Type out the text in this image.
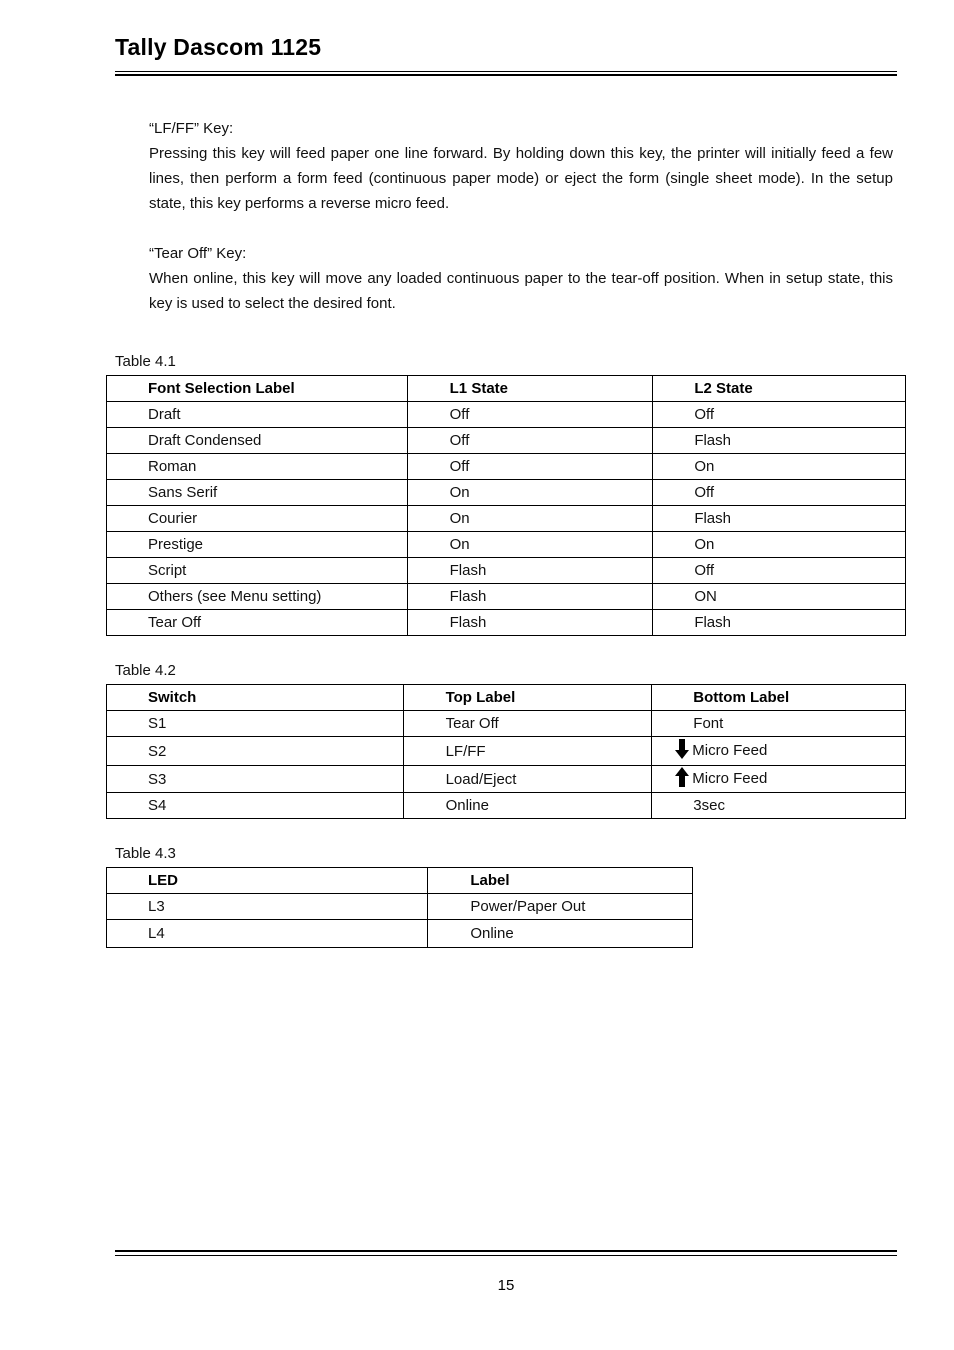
Tally Dascom 1125

“LF/FF” Key:

Pressing this key will feed paper one line forward. By holding down this key, the printer will initially feed a few lines, then perform a form feed (continuous paper mode) or eject the form (single sheet mode). In the setup state, this key performs a reverse micro feed.

“Tear Off” Key:

When online, this key will move any loaded continuous paper to the tear-off position. When in setup state, this key is used to select the desired font.

Table 4.1
Font Selection Label	L1 State	L2 State
Draft	Off	Off
Draft Condensed	Off	Flash
Roman	Off	On
Sans Serif	On	Off
Courier	On	Flash
Prestige	On	On
Script	Flash	Off
Others (see Menu setting)	Flash	ON
Tear Off	Flash	Flash
Table 4.2
Switch	Top Label	Bottom Label
S1	Tear Off	Font
S2	LF/FF	Micro Feed
S3	Load/Eject	Micro Feed
S4	Online	3sec
Table 4.3
LED	Label
L3	Power/Paper Out
L4	Online
15
